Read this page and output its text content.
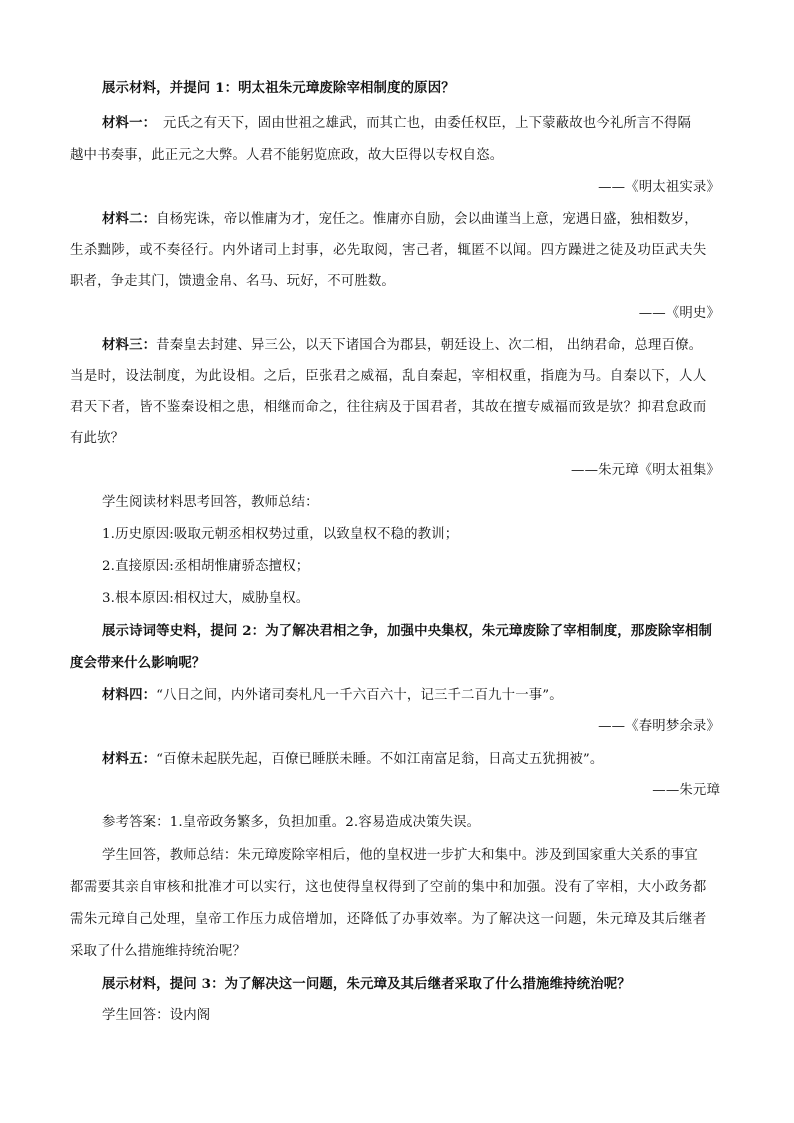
展示材料，并提问 1：明太祖朱元璋废除宰相制度的原因？
材料一：　元氏之有天下，固由世祖之雄武，而其亡也，由委任权臣，上下蒙蔽故也今礼所言不得隔
越中书奏事，此正元之大弊。人君不能躬览庶政，故大臣得以专权自恣。
——《明太祖实录》
材料二：自杨宪诛，帝以惟庸为才，宠任之。惟庸亦自励，会以曲谨当上意，宠遇日盛，独相数岁，
生杀黜陟，或不奏径行。内外诸司上封事，必先取阅，害己者，辄匿不以闻。四方躁进之徒及功臣武夫失
职者，争走其门，馈遗金帛、名马、玩好，不可胜数。
——《明史》
材料三：昔秦皇去封建、异三公，以天下诸国合为郡县，朝廷设上、次二相， 出纳君命，总理百僚。
当是时，设法制度，为此设相。之后，臣张君之威福，乱自秦起，宰相权重，指鹿为马。自秦以下，人人
君天下者，皆不鉴秦设相之患，相继而命之，往往病及于国君者，其故在擅专威福而致是欤？抑君怠政而
有此欤？
——朱元璋《明太祖集》
学生阅读材料思考回答，教师总结：
1.历史原因:吸取元朝丞相权势过重，以致皇权不稳的教训；
2.直接原因:丞相胡惟庸骄态擅权；
3.根本原因:相权过大，威胁皇权。
展示诗词等史料，提问 2：为了解决君相之争，加强中央集权，朱元璋废除了宰相制度，那废除宰相制
度会带来什么影响呢？
材料四：“八日之间，内外诸司奏札凡一千六百六十，记三千二百九十一事”。
——《春明梦余录》
材料五：“百僚未起朕先起，百僚已睡朕未睡。不如江南富足翁，日高丈五犹拥被”。
——朱元璋
参考答案：1.皇帝政务繁多，负担加重。2.容易造成决策失误。
学生回答，教师总结：朱元璋废除宰相后，他的皇权进一步扩大和集中。涉及到国家重大关系的事宜
都需要其亲自审核和批准才可以实行，这也使得皇权得到了空前的集中和加强。没有了宰相，大小政务都
需朱元璋自己处理，皇帝工作压力成倍增加，还降低了办事效率。为了解决这一问题，朱元璋及其后继者
采取了什么措施维持统治呢？
展示材料，提问 3：为了解决这一问题，朱元璋及其后继者采取了什么措施维持统治呢？
学生回答：设内阁
